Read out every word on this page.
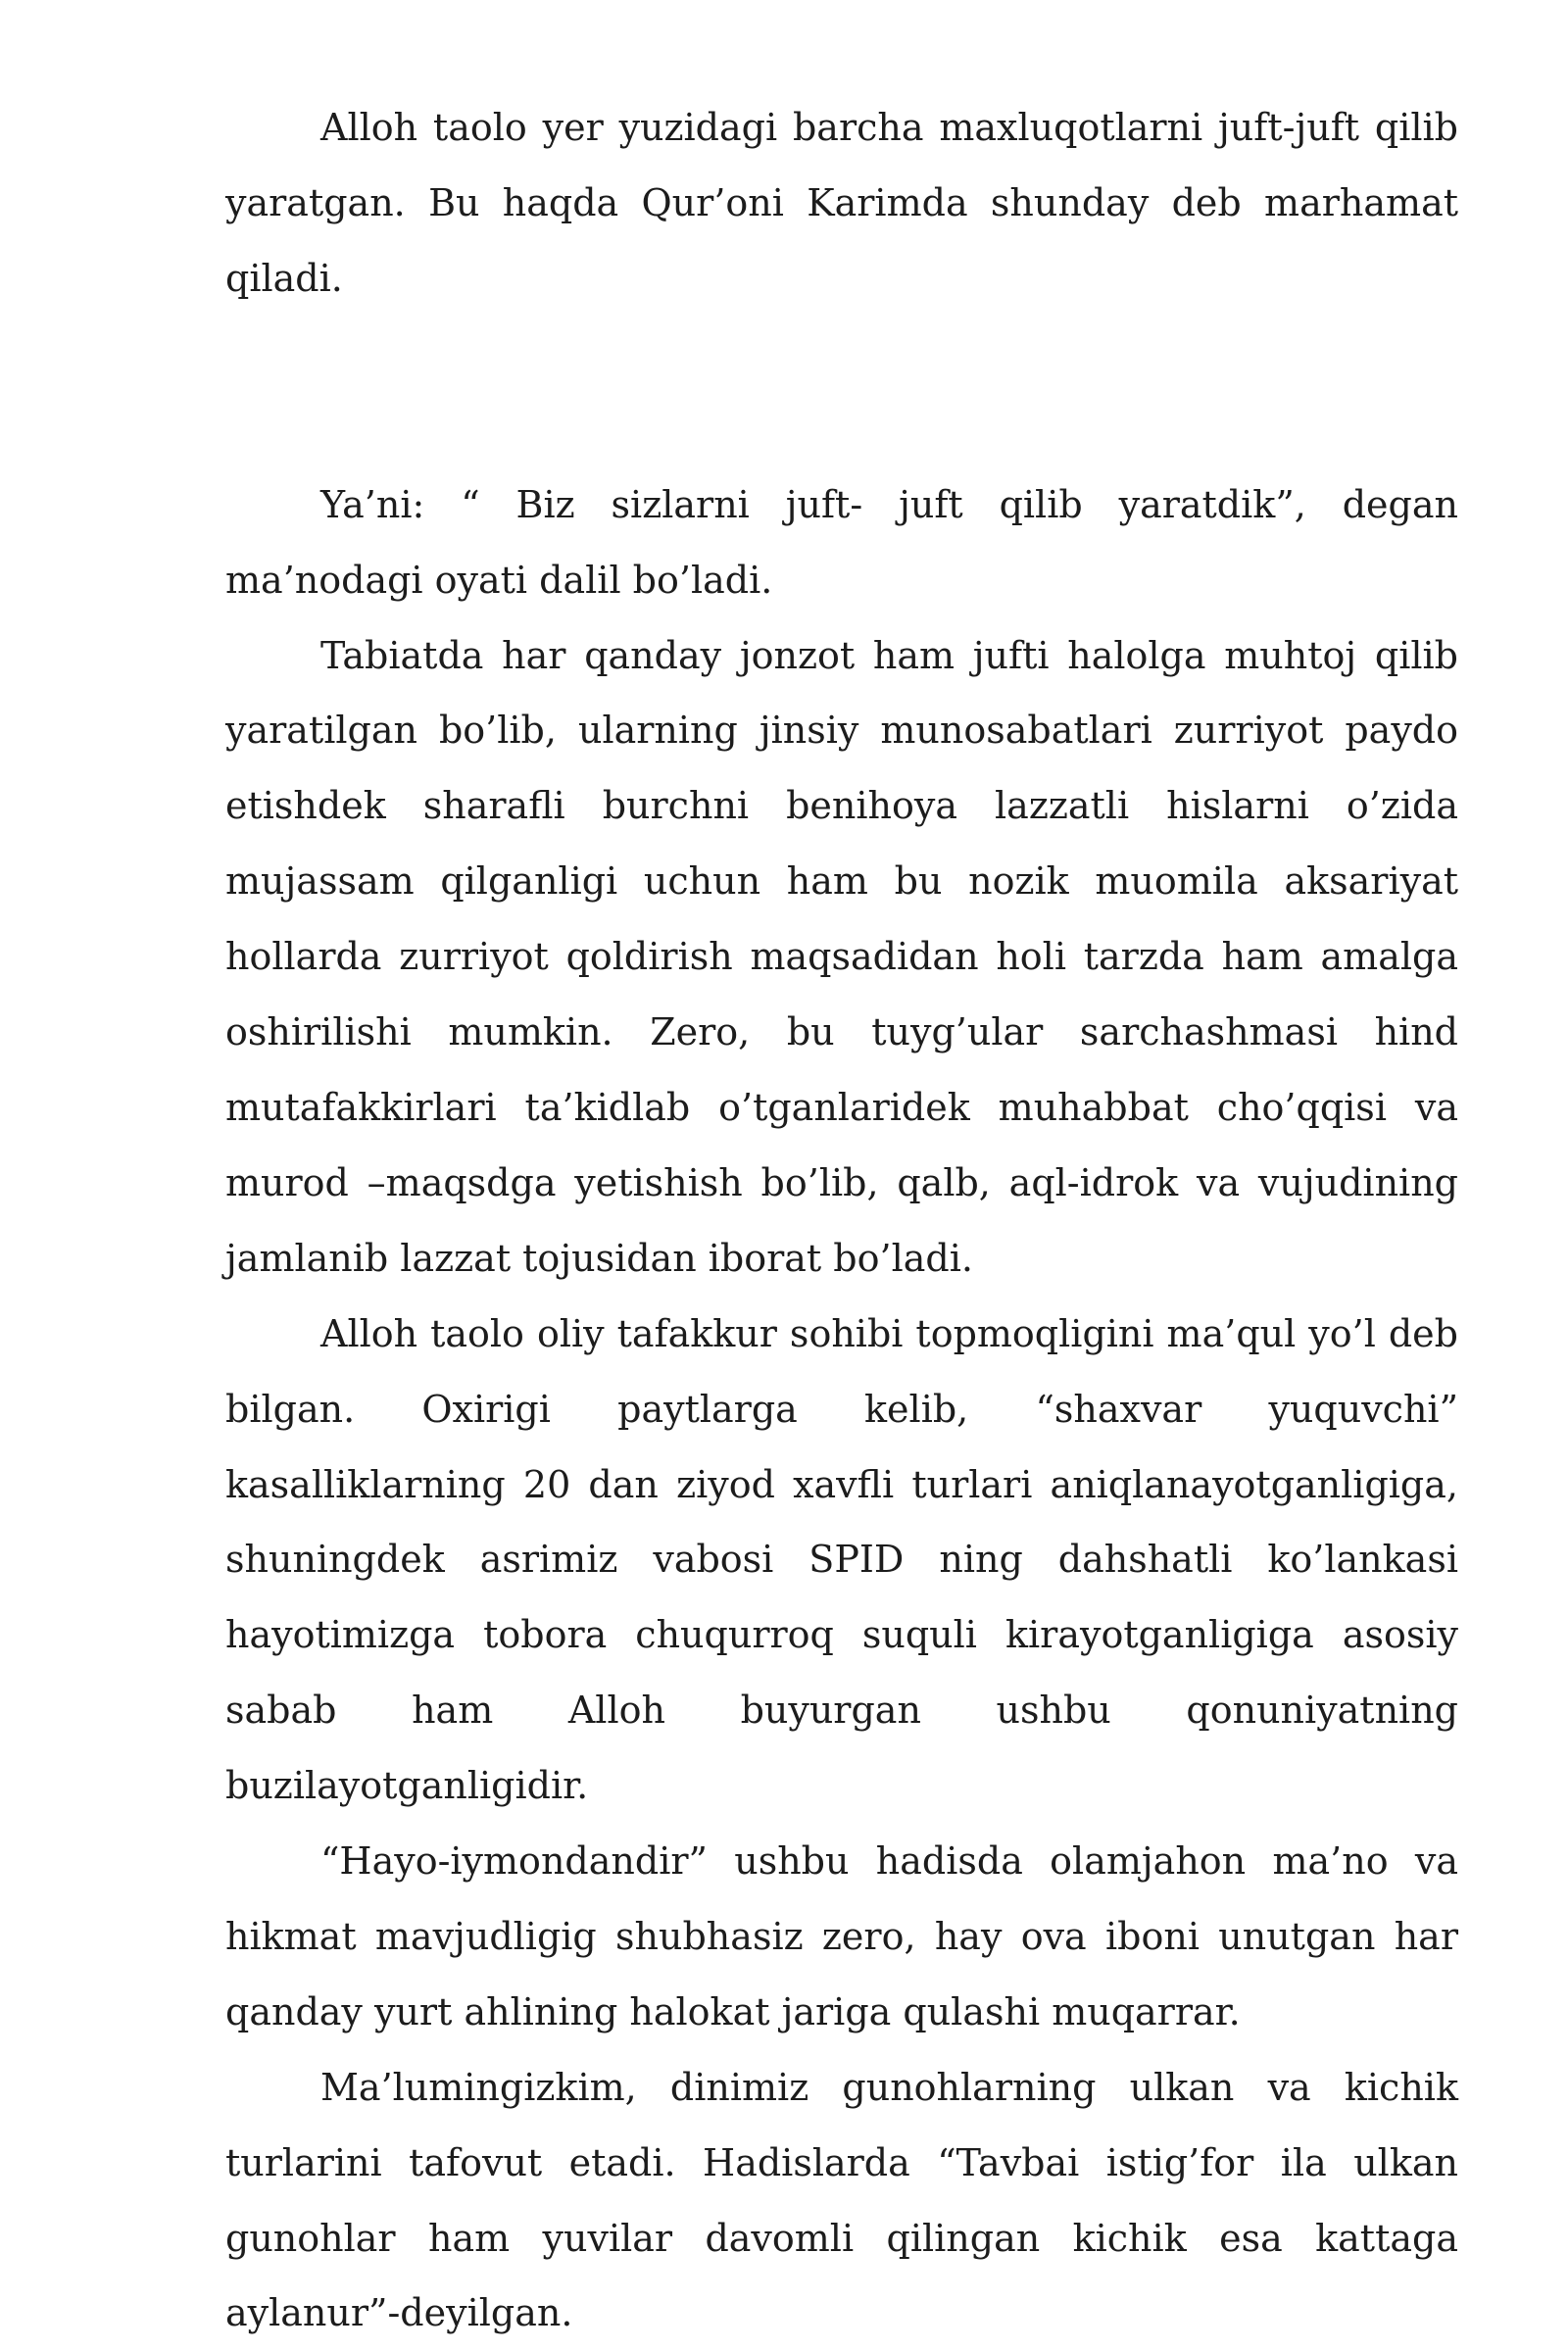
Alloh taolo yer yuzidagi barcha maxluqotlarni juft-juft qilib yaratgan. Bu haqda Qur’oni Karimda shunday deb marhamat qiladi.

Ya’ni: “ Biz sizlarni juft- juft qilib yaratdik”, degan ma’nodagi oyati dalil bo’ladi.

Tabiatda har qanday jonzot ham jufti halolga muhtoj qilib yaratilgan bo’lib, ularning jinsiy munosabatlari zurriyot paydo etishdek sharafli burchni benihoya lazzatli hislarni o’zida mujassam qilganligi uchun ham bu nozik muomila aksariyat hollarda zurriyot qoldirish maqsadidan holi tarzda ham amalga oshirilishi mumkin. Zero, bu tuyg’ular sarchashmasi hind mutafakkirlari ta’kidlab o’tganlaridek muhabbat cho’qqisi va murod –maqsdga yetishish bo’lib, qalb, aql-idrok va vujudining jamlanib lazzat tojusidan iborat bo’ladi.

Alloh taolo oliy tafakkur sohibi topmoqligini ma’qul yo’l deb bilgan. Oxirigi paytlarga kelib, “shaxvar yuquvchi” kasalliklarning 20 dan ziyod xavfli turlari aniqlanayotganligiga, shuningdek asrimiz vabosi SPID ning dahshatli ko’lankasi hayotimizga tobora chuqurroq suquli kirayotganligiga asosiy sabab ham Alloh buyurgan ushbu qonuniyatning buzilayotganligidir.

“Hayo-iymondandir” ushbu hadisda olamjahon ma’no va hikmat mavjudligig shubhasiz zero, hay ova iboni unutgan har qanday yurt ahlining halokat jariga qulashi muqarrar.

Ma’lumingizkim, dinimiz gunohlarning ulkan va kichik turlarini tafovut etadi. Hadislarda “Tavbai istig’for ila ulkan gunohlar ham yuvilar davomli qilingan kichik esa kattaga aylanur”-deyilgan.
